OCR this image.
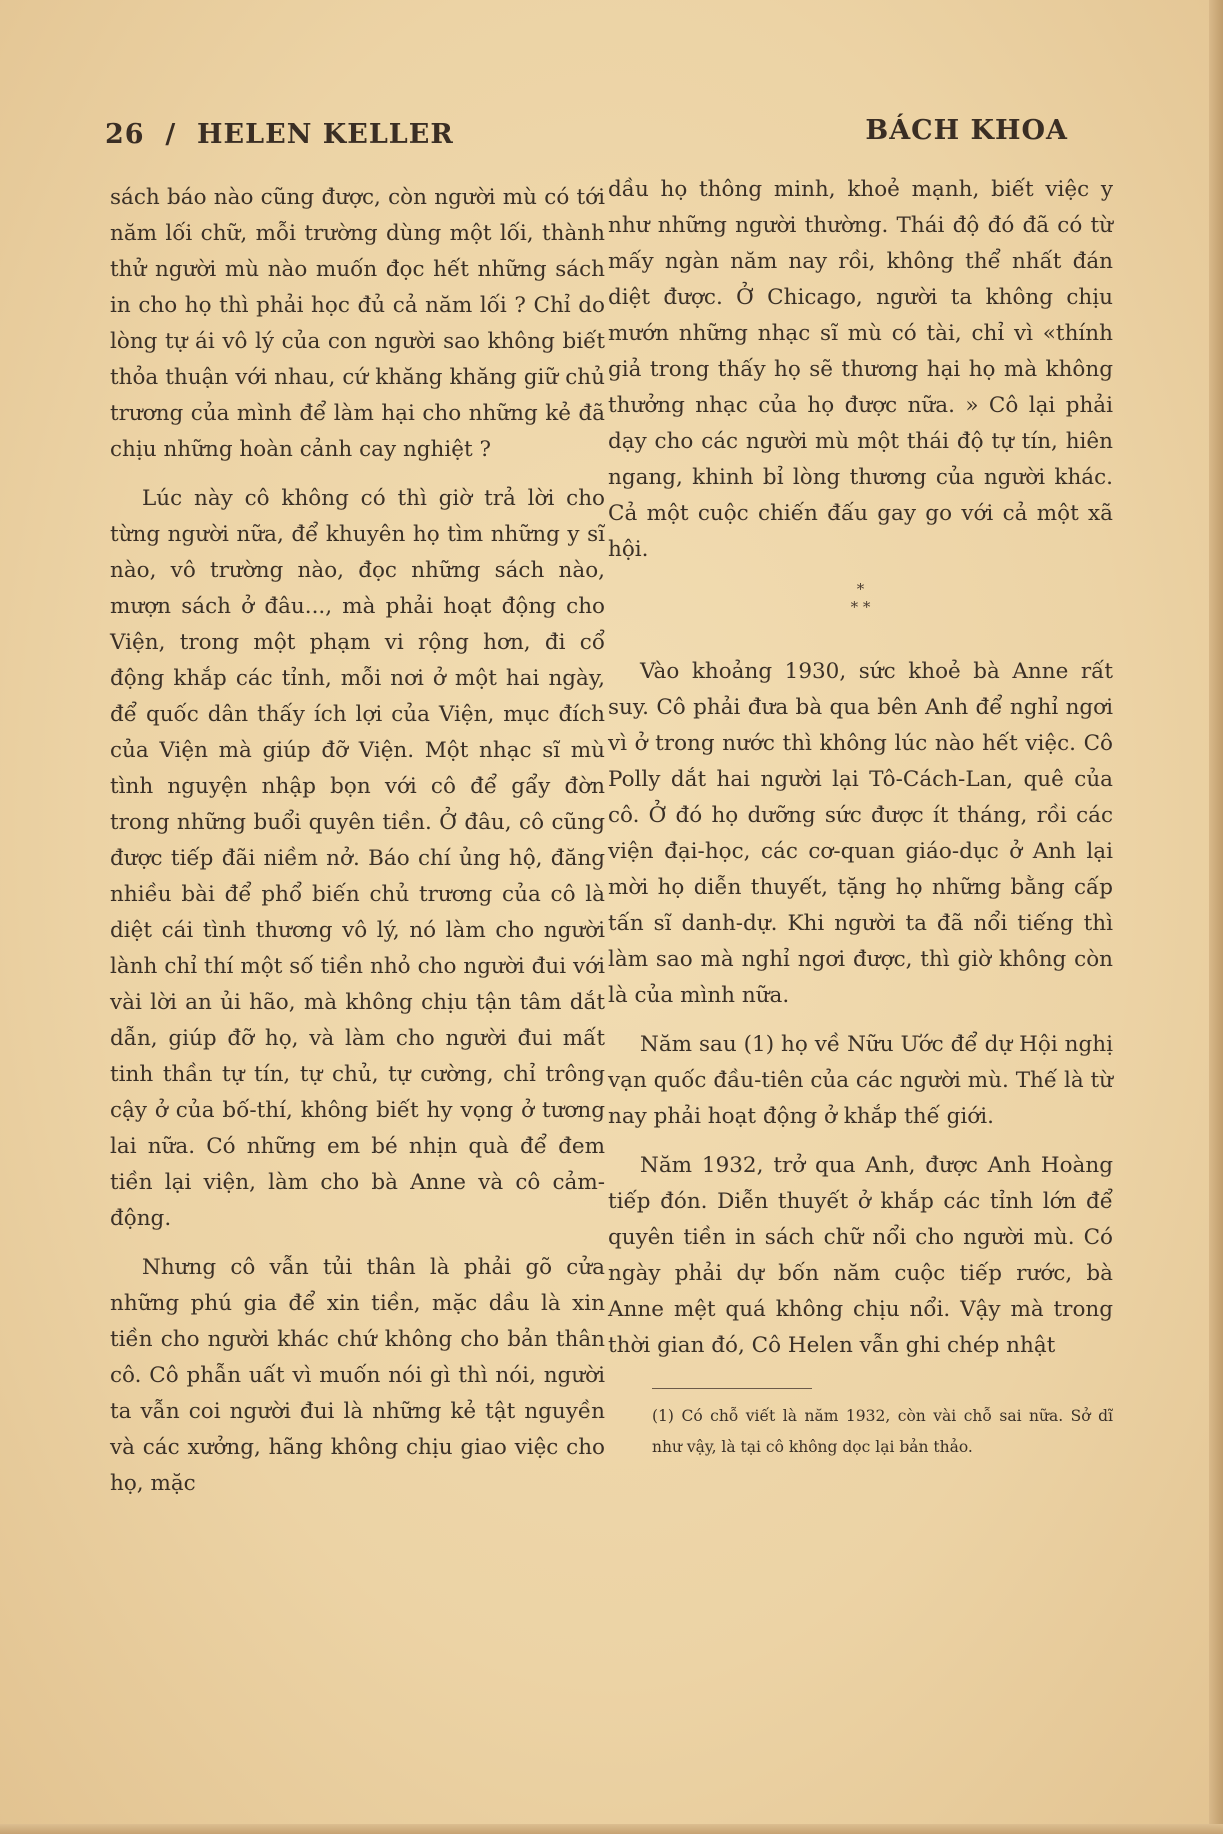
26  /  HELEN KELLER	BÁCH KHOA

sách báo nào cũng được, còn người mù có tới năm lối chữ, mỗi trường dùng một lối, thành thử người mù nào muốn đọc hết những sách in cho họ thì phải học đủ cả năm lối ? Chỉ do lòng tự ái vô lý của con người sao không biết thỏa thuận với nhau, cứ khăng khăng giữ chủ trương của mình để làm hại cho những kẻ đã chịu những hoàn cảnh cay nghiệt ?

Lúc này cô không có thì giờ trả lời cho từng người nữa, để khuyên họ tìm những y sĩ nào, vô trường nào, đọc những sách nào, mượn sách ở đâu..., mà phải hoạt động cho Viện, trong một phạm vi rộng hơn, đi cổ động khắp các tỉnh, mỗi nơi ở một hai ngày, để quốc dân thấy ích lợi của Viện, mục đích của Viện mà giúp đỡ Viện. Một nhạc sĩ mù tình nguyện nhập bọn với cô để gẩy đờn trong những buổi quyên tiền. Ở đâu, cô cũng được tiếp đãi niềm nở. Báo chí ủng hộ, đăng nhiều bài để phổ biến chủ trương của cô là diệt cái tình thương vô lý, nó làm cho người lành chỉ thí một số tiền nhỏ cho người đui với vài lời an ủi hão, mà không chịu tận tâm dắt dẫn, giúp đỡ họ, và làm cho người đui mất tinh thần tự tín, tự chủ, tự cường, chỉ trông cậy ở của bố-thí, không biết hy vọng ở tương lai nữa. Có những em bé nhịn quà để đem tiền lại viện, làm cho bà Anne và cô cảm-động.

Nhưng cô vẫn tủi thân là phải gõ cửa những phú gia để xin tiền, mặc dầu là xin tiền cho người khác chứ không cho bản thân cô. Cô phẫn uất vì muốn nói gì thì nói, người ta vẫn coi người đui là những kẻ tật nguyền và các xưởng, hãng không chịu giao việc cho họ, mặc

dầu họ thông minh, khoẻ mạnh, biết việc y như những người thường. Thái độ đó đã có từ mấy ngàn năm nay rồi, không thể nhất đán diệt được. Ở Chicago, người ta không chịu mướn những nhạc sĩ mù có tài, chỉ vì «thính giả trong thấy họ sẽ thương hại họ mà không thưởng nhạc của họ được nữa. » Cô lại phải dạy cho các người mù một thái độ tự tín, hiên ngang, khinh bỉ lòng thương của người khác. Cả một cuộc chiến đấu gay go với cả một xã hội.

*
* *

Vào khoảng 1930, sức khoẻ bà Anne rất suy. Cô phải đưa bà qua bên Anh để nghỉ ngơi vì ở trong nước thì không lúc nào hết việc. Cô Polly dắt hai người lại Tô-Cách-Lan, quê của cô. Ở đó họ dưỡng sức được ít tháng, rồi các viện đại-học, các cơ-quan giáo-dục ở Anh lại mời họ diễn thuyết, tặng họ những bằng cấp tấn sĩ danh-dự. Khi người ta đã nổi tiếng thì làm sao mà nghỉ ngơi được, thì giờ không còn là của mình nữa.

Năm sau (1) họ về Nữu Ước để dự Hội nghị vạn quốc đầu-tiên của các người mù. Thế là từ nay phải hoạt động ở khắp thế giới.

Năm 1932, trở qua Anh, được Anh Hoàng tiếp đón. Diễn thuyết ở khắp các tỉnh lớn để quyên tiền in sách chữ nổi cho người mù. Có ngày phải dự bốn năm cuộc tiếp rước, bà Anne mệt quá không chịu nổi. Vậy mà trong thời gian đó, Cô Helen vẫn ghi chép nhật

(1) Có chỗ viết là năm 1932, còn vài chỗ sai nữa. Sở dĩ như vậy, là tại cô không dọc lại bản thảo.
